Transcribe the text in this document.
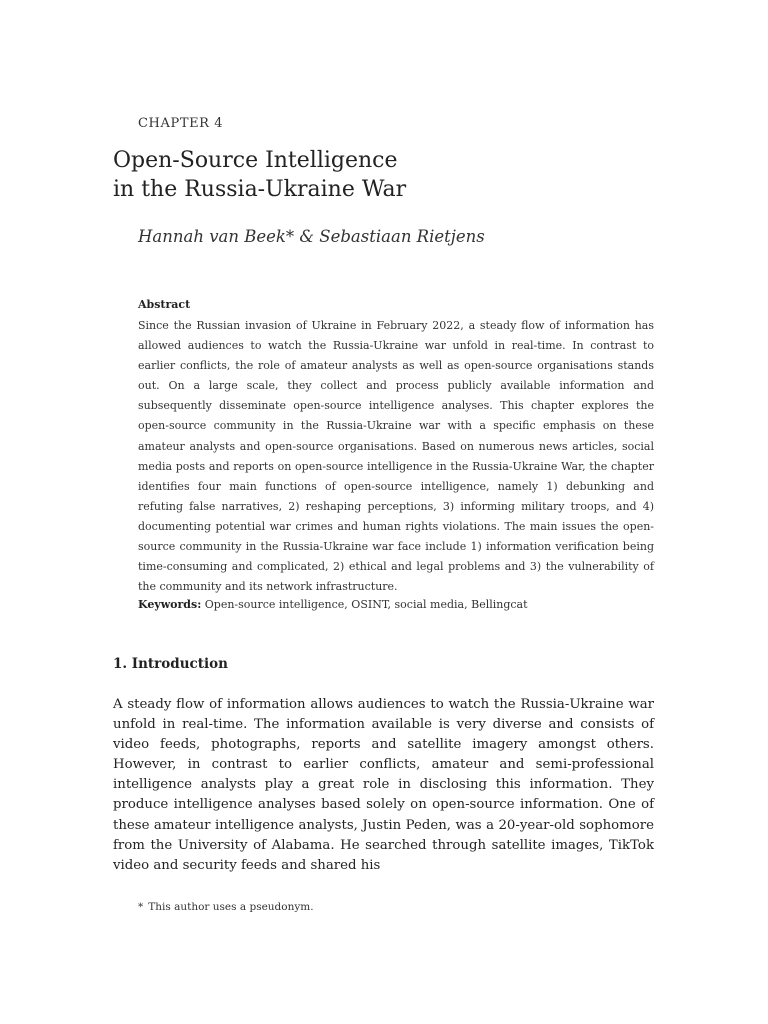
CHAPTER 4
Open-Source Intelligence
in the Russia-Ukraine War
Hannah van Beek* & Sebastiaan Rietjens
Abstract

Since the Russian invasion of Ukraine in February 2022, a steady flow of information has allowed audiences to watch the Russia-Ukraine war unfold in real-time. In contrast to earlier conflicts, the role of amateur analysts as well as open-source organisations stands out. On a large scale, they collect and process publicly available information and subsequently disseminate open-source intelligence analyses. This chapter explores the open-source community in the Russia-Ukraine war with a specific emphasis on these amateur analysts and open-source organisations. Based on numerous news articles, social media posts and reports on open-source intelligence in the Russia-Ukraine War, the chapter identifies four main functions of open-source intelligence, namely 1) debunking and refuting false narratives, 2) reshaping perceptions, 3) informing military troops, and 4) documenting potential war crimes and human rights violations. The main issues the open-source community in the Russia-Ukraine war face include 1) information verification being time-consuming and complicated, 2) ethical and legal problems and 3) the vulnerability of the community and its network infrastructure.

Keywords: Open-source intelligence, OSINT, social media, Bellingcat
1. Introduction

A steady flow of information allows audiences to watch the Russia-Ukraine war unfold in real-time. The information available is very diverse and consists of video feeds, photographs, reports and satellite imagery amongst others. However, in contrast to earlier conflicts, amateur and semi-professional intelligence analysts play a great role in disclosing this information. They produce intelligence analyses based solely on open-source information. One of these amateur intelligence analysts, Justin Peden, was a 20-year-old sophomore from the University of Alabama. He searched through satellite images, TikTok video and security feeds and shared his

* This author uses a pseudonym.
